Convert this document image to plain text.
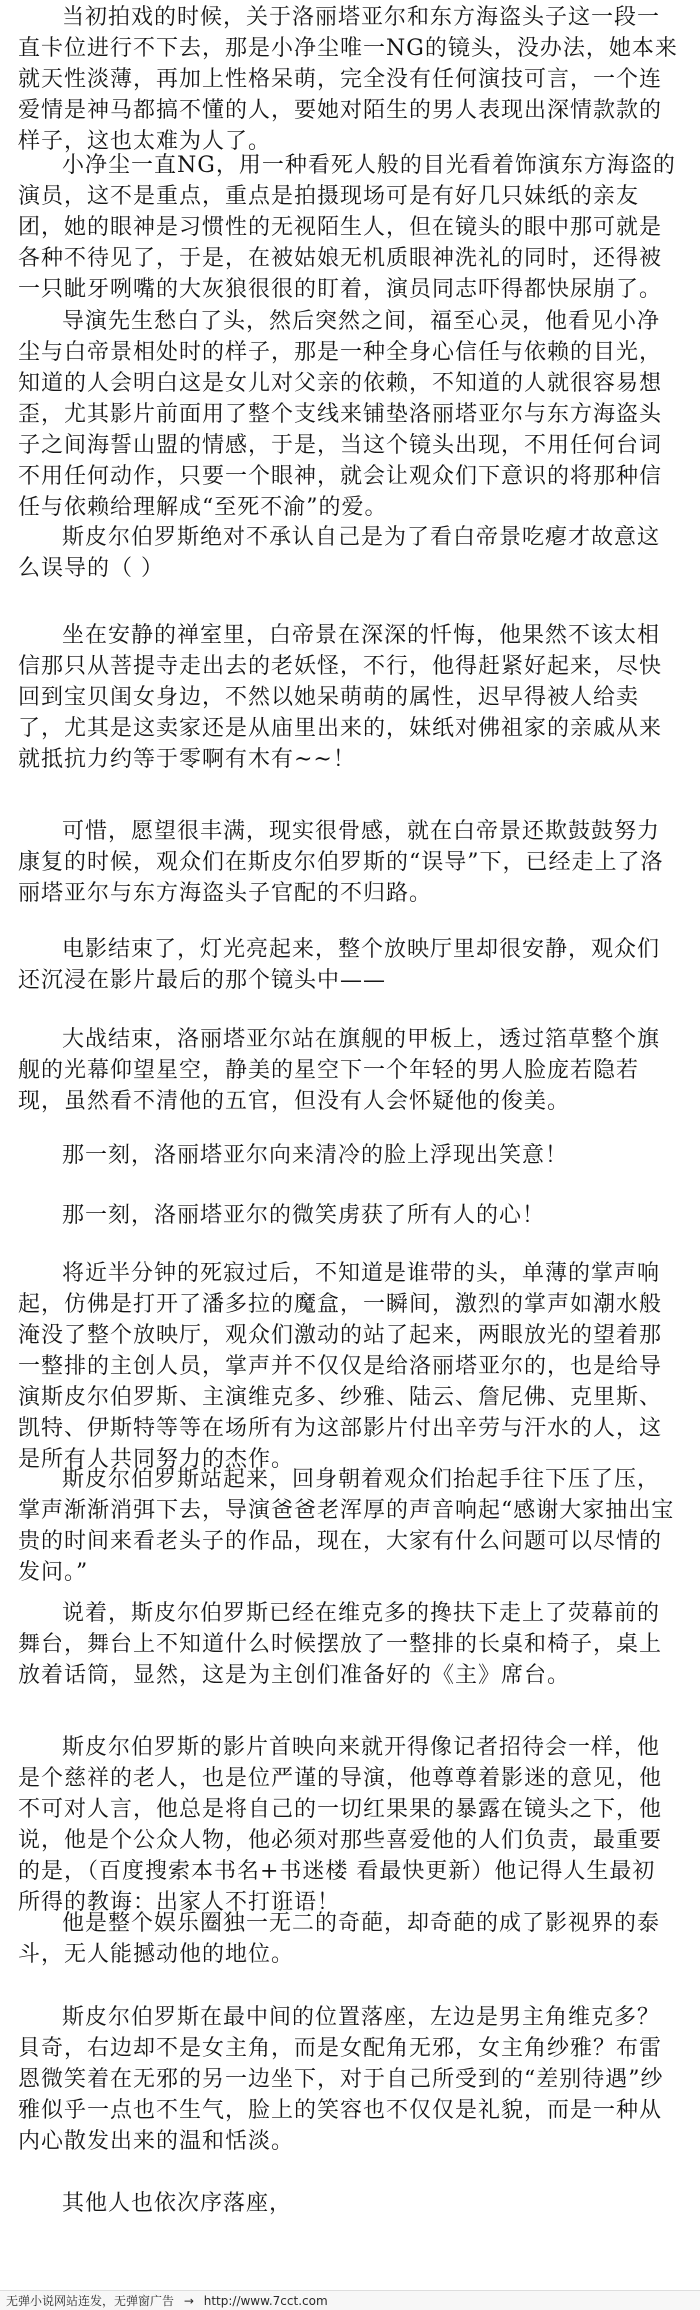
当初拍戏的时候，关于洛丽塔亚尔和东方海盗头子这一段一直卡位进行不下去，那是小净尘唯一NG的镜头，没办法，她本来就天性淡薄，再加上性格呆萌，完全没有任何演技可言，一个连爱情是神马都搞不懂的人，要她对陌生的男人表现出深情款款的样子，这也太难为人了。

小净尘一直NG，用一种看死人般的目光看着饰演东方海盗的演员，这不是重点，重点是拍摄现场可是有好几只妹纸的亲友团，她的眼神是习惯性的无视陌生人，但在镜头的眼中那可就是各种不待见了，于是，在被姑娘无机质眼神洗礼的同时，还得被一只眦牙咧嘴的大灰狼很很的盯着，演员同志吓得都快尿崩了。

导演先生愁白了头，然后突然之间，福至心灵，他看见小净尘与白帝景相处时的样子，那是一种全身心信任与依赖的目光，知道的人会明白这是女儿对父亲的依赖，不知道的人就很容易想歪，尤其影片前面用了整个支线来铺垫洛丽塔亚尔与东方海盗头子之间海誓山盟的情感，于是，当这个镜头出现，不用任何台词不用任何动作，只要一个眼神，就会让观众们下意识的将那种信任与依赖给理解成“至死不渝”的爱。

斯皮尔伯罗斯绝对不承认自己是为了看白帝景吃瘪才故意这么误导的（ ）

坐在安静的禅室里，白帝景在深深的忏悔，他果然不该太相信那只从菩提寺走出去的老妖怪，不行，他得赶紧好起来，尽快回到宝贝闺女身边，不然以她呆萌萌的属性，迟早得被人给卖了，尤其是这卖家还是从庙里出来的，妹纸对佛祖家的亲戚从来就抵抗力约等于零啊有木有~~！

可惜，愿望很丰满，现实很骨感，就在白帝景还欺鼓鼓努力康复的时候，观众们在斯皮尔伯罗斯的“误导”下，已经走上了洛丽塔亚尔与东方海盗头子官配的不归路。

电影结束了，灯光亮起来，整个放映厅里却很安静，观众们还沉浸在影片最后的那个镜头中——

大战结束，洛丽塔亚尔站在旗舰的甲板上，透过箔草整个旗舰的光幕仰望星空，静美的星空下一个年轻的男人脸庞若隐若现，虽然看不清他的五官，但没有人会怀疑他的俊美。

那一刻，洛丽塔亚尔向来清冷的脸上浮现出笑意！

那一刻，洛丽塔亚尔的微笑虏获了所有人的心！

将近半分钟的死寂过后，不知道是谁带的头，单薄的掌声响起，仿佛是打开了潘多拉的魔盒，一瞬间，激烈的掌声如潮水般淹没了整个放映厅，观众们激动的站了起来，两眼放光的望着那一整排的主创人员，掌声并不仅仅是给洛丽塔亚尔的，也是给导演斯皮尔伯罗斯、主演维克多、纱雅、陆云、詹尼佛、克里斯、凯特、伊斯特等等在场所有为这部影片付出辛劳与汗水的人，这是所有人共同努力的杰作。

斯皮尔伯罗斯站起来，回身朝着观众们抬起手往下压了压，掌声渐渐消弭下去，导演爸爸老浑厚的声音响起“感谢大家抽出宝贵的时间来看老头子的作品，现在，大家有什么问题可以尽情的发问。”

说着，斯皮尔伯罗斯已经在维克多的搀扶下走上了荧幕前的舞台，舞台上不知道什么时候摆放了一整排的长桌和椅子，桌上放着话筒，显然，这是为主创们准备好的《主》席台。

斯皮尔伯罗斯的影片首映向来就开得像记者招待会一样，他是个慈祥的老人，也是位严谨的导演，他尊尊着影迷的意见，他不可对人言，他总是将自己的一切红果果的暴露在镜头之下，他说，他是个公众人物，他必须对那些喜爱他的人们负责，最重要的是，（百度搜索本书名+书迷楼 看最快更新）他记得人生最初所得的教诲：出家人不打诳语！

他是整个娱乐圈独一无二的奇葩，却奇葩的成了影视界的泰斗，无人能撼动他的地位。

斯皮尔伯罗斯在最中间的位置落座，左边是男主角维克多？ 貝奇，右边却不是女主角，而是女配角无邪，女主角纱雅？布雷恩微笑着在无邪的另一边坐下，对于自己所受到的“差别待遇”纱雅似乎一点也不生气，脸上的笑容也不仅仅是礼貌，而是一种从内心散发出来的温和恬淡。

其他人也依次序落座，

无弹小说网站连发，无弹窗广告 → http://www.7cct.com
